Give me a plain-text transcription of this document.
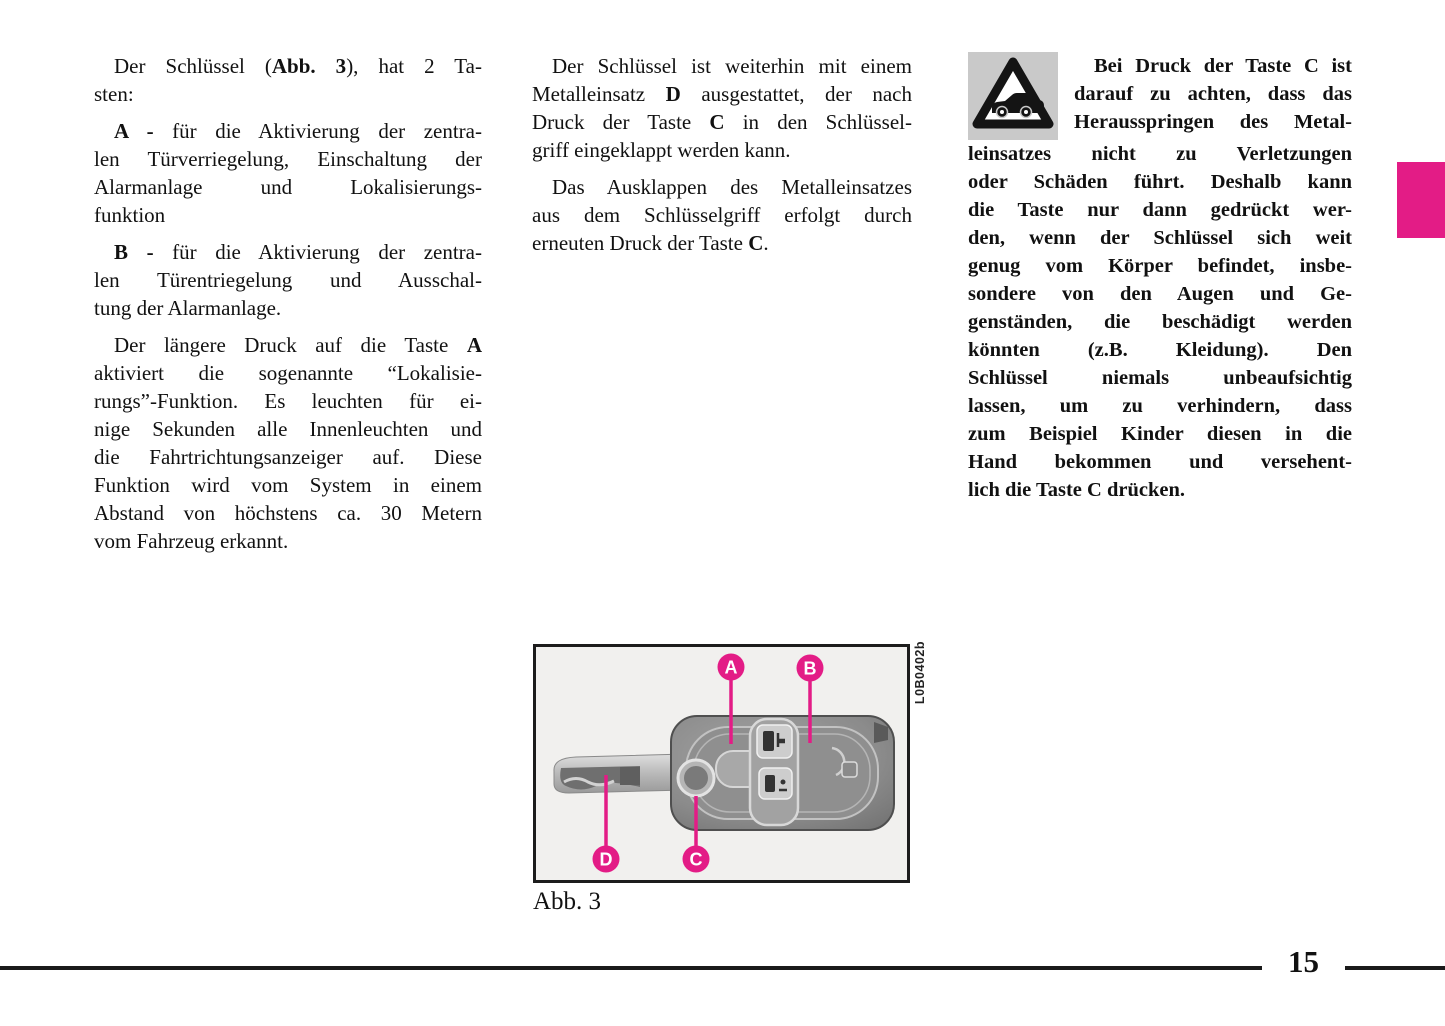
Der Schlüssel (Abb. 3), hat 2 Ta-
sten:
A - für die Aktivierung der zentra-
len Türverriegelung, Einschaltung der
Alarmanlage und Lokalisierungs-
funktion
B - für die Aktivierung der zentra-
len Türentriegelung und Ausschal-
tung der Alarmanlage.
Der längere Druck auf die Taste A
aktiviert die sogenannte “Lokalisie-
rungs”-Funktion. Es leuchten für ei-
nige Sekunden alle Innenleuchten und
die Fahrtrichtungsanzeiger auf. Diese
Funktion wird vom System in einem
Abstand von höchstens ca. 30 Metern
vom Fahrzeug erkannt.
Der Schlüssel ist weiterhin mit einem
Metalleinsatz D ausgestattet, der nach
Druck der Taste C in den Schlüssel-
griff eingeklappt werden kann.
Das Ausklappen des Metalleinsatzes
aus dem Schlüsselgriff erfolgt durch
erneuten Druck der Taste C.
Bei Druck der Taste C ist
darauf zu achten, dass das
Herausspringen des Metal-
leinsatzes nicht zu Verletzungen
oder Schäden führt. Deshalb kann
die Taste nur dann gedrückt wer-
den, wenn der Schlüssel sich weit
genug vom Körper befindet, insbe-
sondere von den Augen und Ge-
genständen, die beschädigt werden
könnten (z.B. Kleidung). Den
Schlüssel niemals unbeaufsichtig
lassen, um zu verhindern, dass
zum Beispiel Kinder diesen in die
Hand bekommen und versehent-
lich die Taste C drücken.
A	B
C
D
L0B0402b
Abb. 3
15
